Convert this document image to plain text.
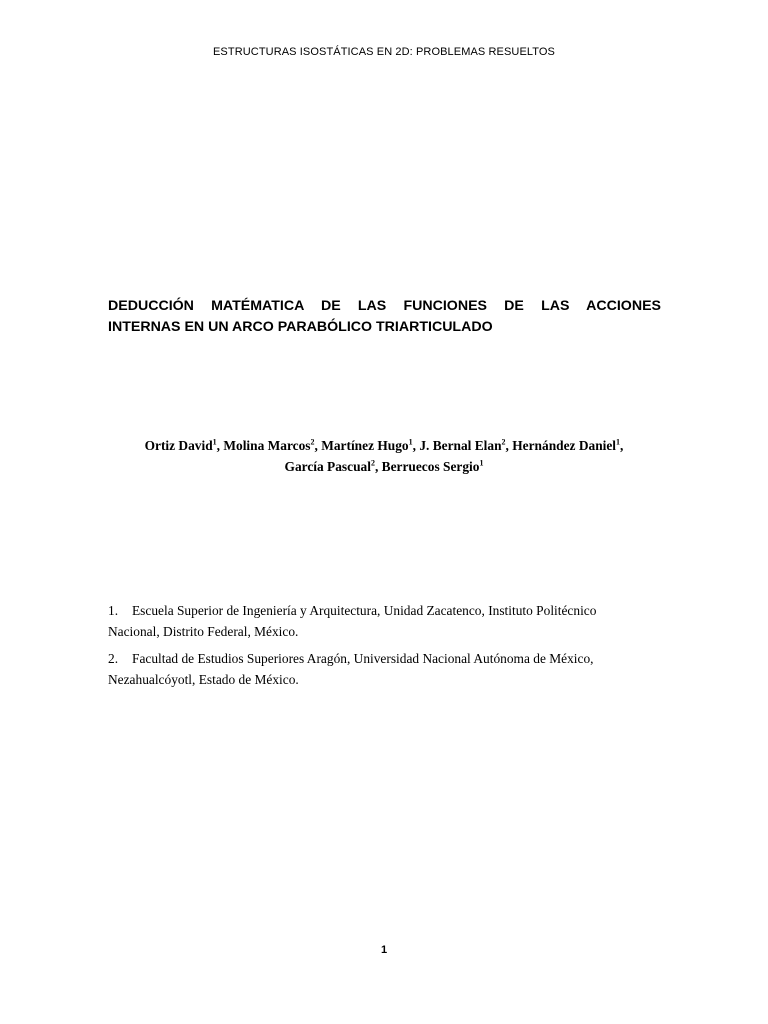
ESTRUCTURAS ISOSTÁTICAS EN 2D: PROBLEMAS RESUELTOS
DEDUCCIÓN MATÉMATICA DE LAS FUNCIONES DE LAS ACCIONES
INTERNAS EN UN ARCO PARABÓLICO TRIARTICULADO
Ortiz David$^1$, Molina Marcos$^2$, Martínez Hugo$^1$, J. Bernal Elan$^2$, Hernández Daniel$^1$,
García Pascual$^2$, Berruecos Sergio$^1$

1. Escuela Superior de Ingeniería y Arquitectura, Unidad Zacatenco, Instituto Politécnico
Nacional, Distrito Federal, México.

2. Facultad de Estudios Superiores Aragón, Universidad Nacional Autónoma de México,
Nezahualcóyotl, Estado de México.

1
